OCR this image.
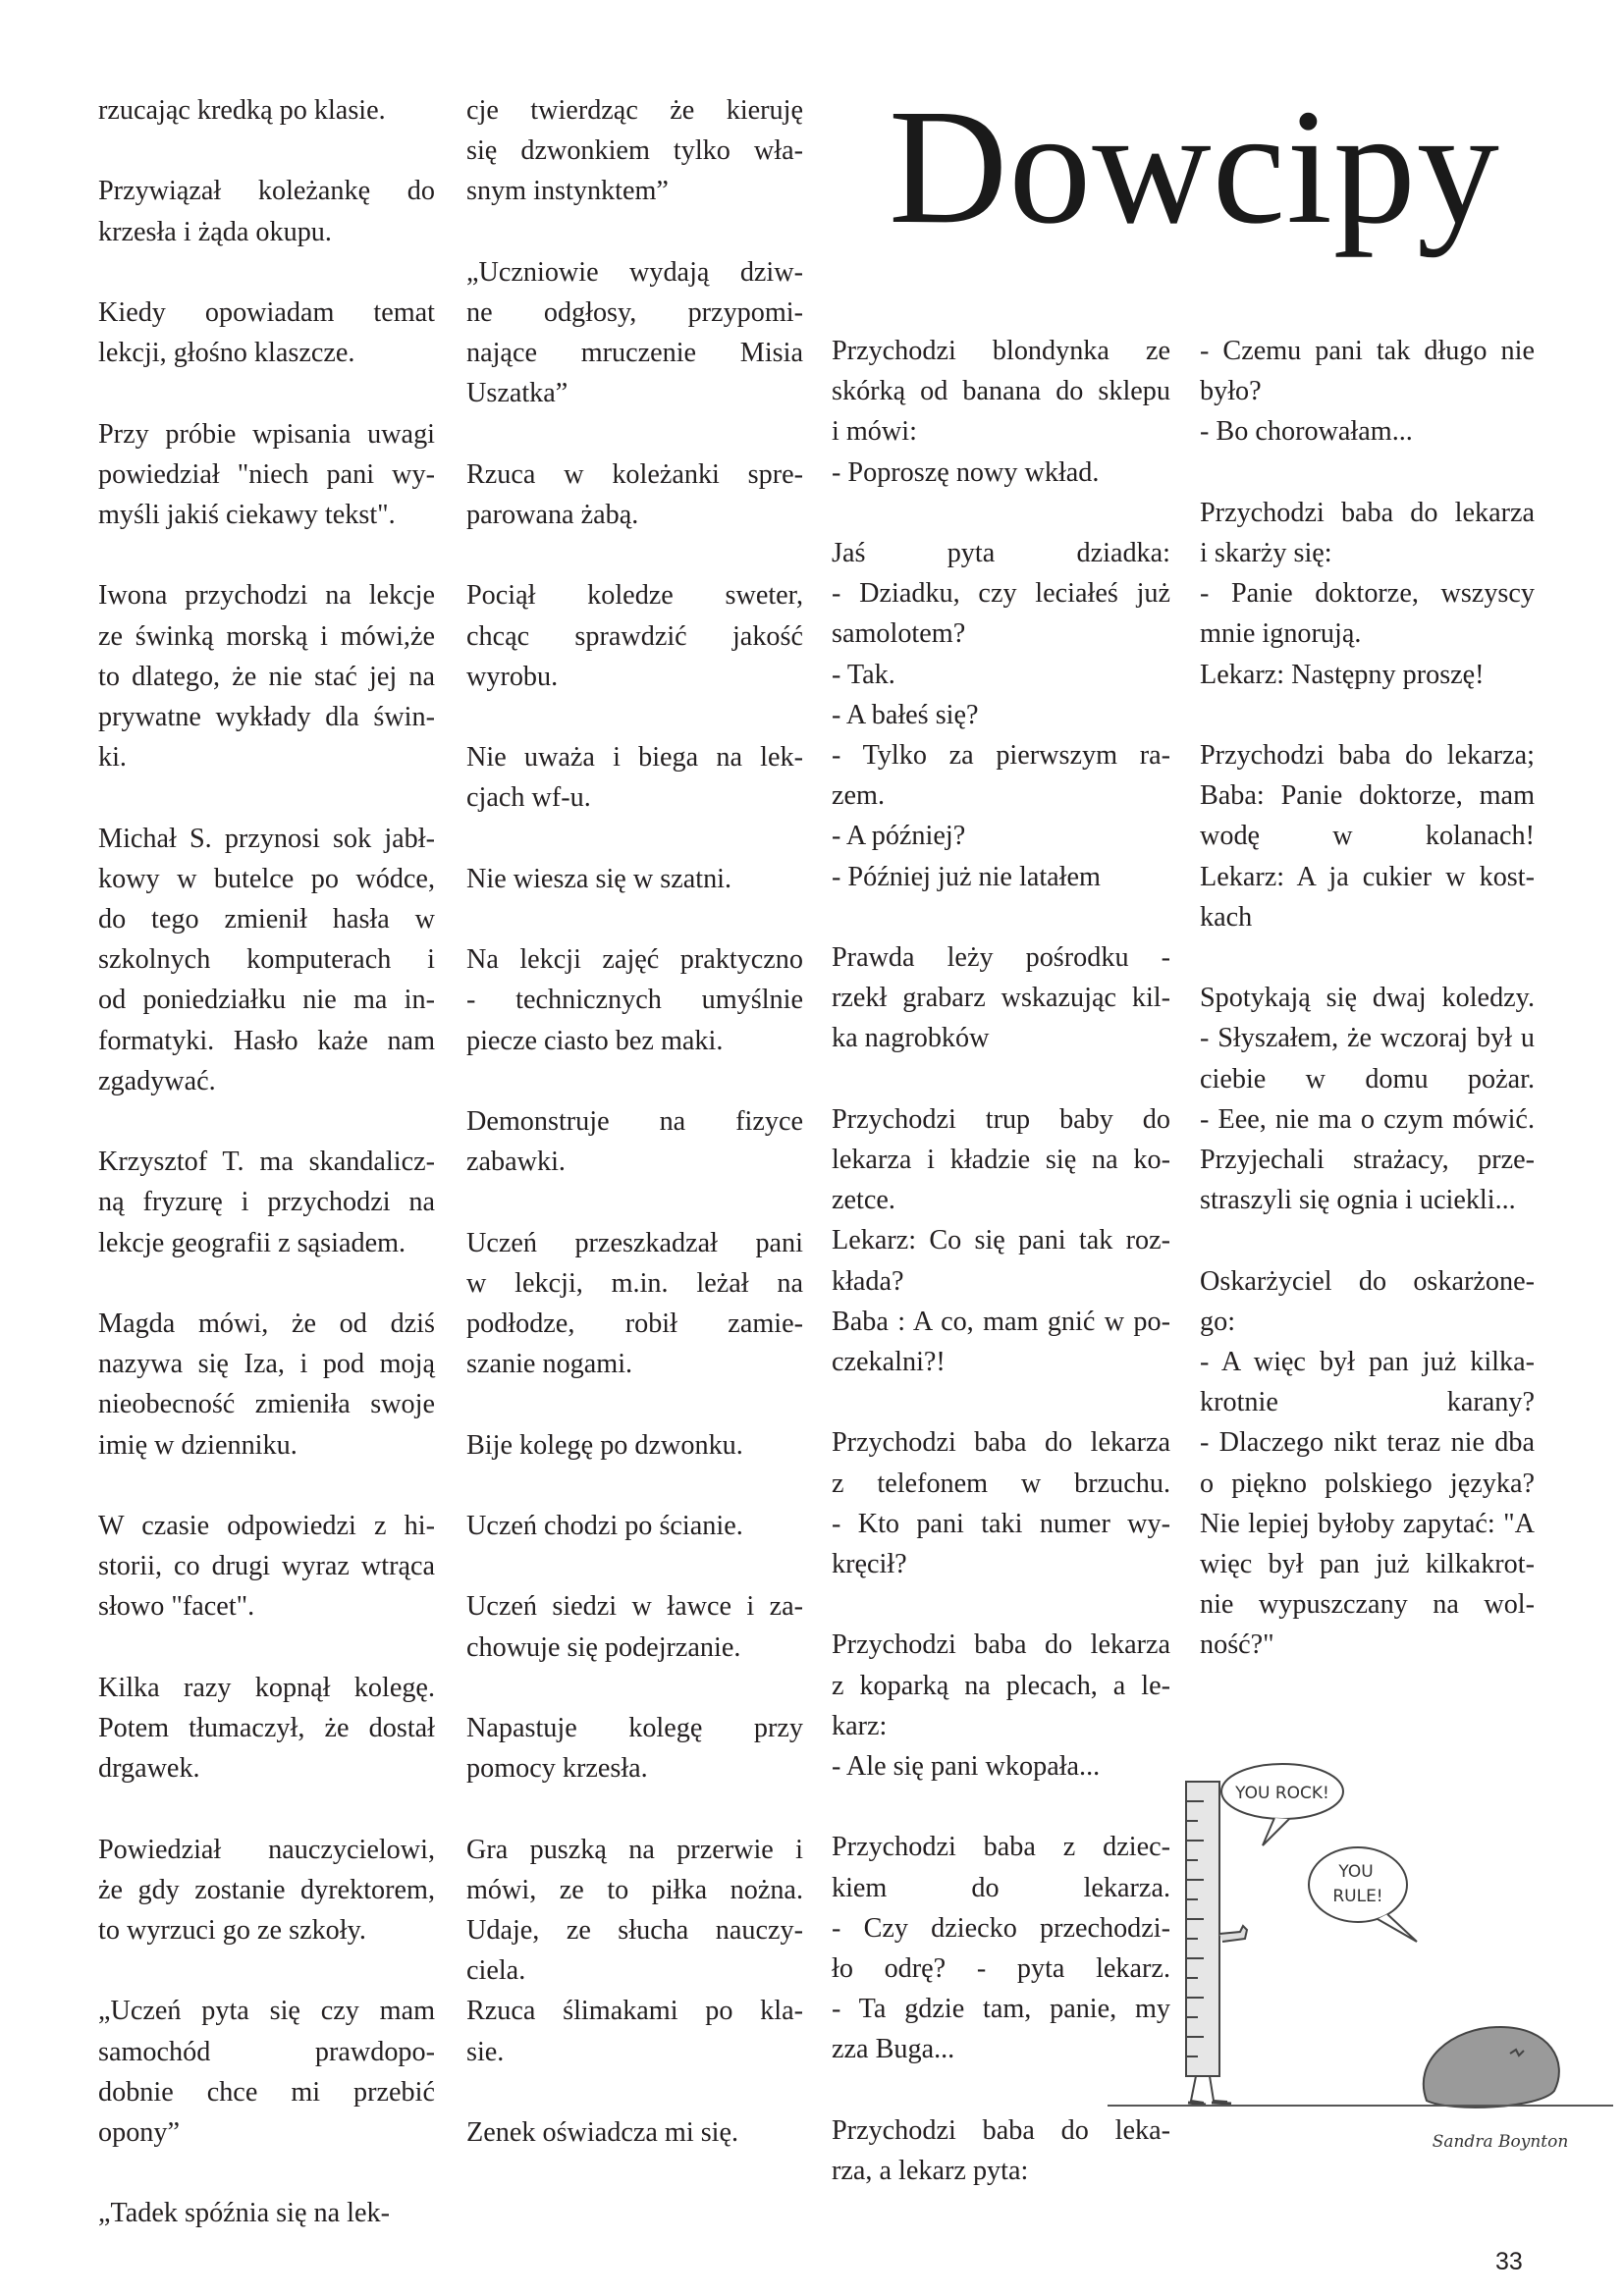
rzucając kredką po klasie.

Przywiązał koleżankę do
krzesła i żąda okupu.

Kiedy opowiadam temat
lekcji, głośno klaszcze.

Przy próbie wpisania uwagi
powiedział "niech pani wy-
myśli jakiś ciekawy tekst".

Iwona przychodzi na lekcje
ze świnką morską i mówi,że
to dlatego, że nie stać jej na
prywatne wykłady dla świn-
ki.

Michał S. przynosi sok jabł-
kowy w butelce po wódce,
do tego zmienił hasła w
szkolnych komputerach i
od poniedziałku nie ma in-
formatyki. Hasło każe nam
zgadywać.

Krzysztof T. ma skandalicz-
ną fryzurę i przychodzi na
lekcje geografii z sąsiadem.

Magda mówi, że od dziś
nazywa się Iza, i pod moją
nieobecność zmieniła swoje
imię w dzienniku.

W czasie odpowiedzi z hi-
storii, co drugi wyraz wtrąca
słowo "facet".

Kilka razy kopnął kolegę.
Potem tłumaczył, że dostał
drgawek.

Powiedział nauczycielowi,
że gdy zostanie dyrektorem,
to wyrzuci go ze szkoły.

„Uczeń pyta się czy mam
samochód prawdopo-
dobnie chce mi przebić
opony”

„Tadek spóźnia się na lek-

cje twierdząc że kieruję
się dzwonkiem tylko wła-
snym instynktem”

„Uczniowie wydają dziw-
ne odgłosy, przypomi-
nające mruczenie Misia
Uszatka”

Rzuca w koleżanki spre-
parowana żabą.

Pociął koledze sweter,
chcąc sprawdzić jakość
wyrobu.

Nie uważa i biega na lek-
cjach wf-u.

Nie wiesza się w szatni.

Na lekcji zajęć praktyczno
- technicznych umyślnie
piecze ciasto bez maki.

Demonstruje na fizyce
zabawki.

Uczeń przeszkadzał pani
w lekcji, m.in. leżał na
podłodze, robił zamie-
szanie nogami.

Bije kolegę po dzwonku.

Uczeń chodzi po ścianie.

Uczeń siedzi w ławce i za-
chowuje się podejrzanie.

Napastuje kolegę przy
pomocy krzesła.

Gra puszką na przerwie i
mówi, ze to piłka nożna.
Udaje, ze słucha nauczy-
ciela.
Rzuca ślimakami po kla-
sie.

Zenek oświadcza mi się.

Dowcipy

Przychodzi blondynka ze
skórką od banana do sklepu
i mówi:
- Poproszę nowy wkład.

Jaś pyta dziadka:
- Dziadku, czy leciałeś już
samolotem?
- Tak.
- A bałeś się?
- Tylko za pierwszym ra-
zem.
- A później?
- Później już nie latałem

Prawda leży pośrodku -
rzekł grabarz wskazując kil-
ka nagrobków

Przychodzi trup baby do
lekarza i kładzie się na ko-
zetce.
Lekarz: Co się pani tak roz-
kłada?
Baba : A co, mam gnić w po-
czekalni?!

Przychodzi baba do lekarza
z telefonem w brzuchu.
- Kto pani taki numer wy-
kręcił?

Przychodzi baba do lekarza
z koparką na plecach, a le-
karz:
- Ale się pani wkopała...

Przychodzi baba z dziec-
kiem do lekarza.
- Czy dziecko przechodzi-
ło odrę? - pyta lekarz.
- Ta gdzie tam, panie, my
zza Buga...

Przychodzi baba do leka-
rza, a lekarz pyta:

- Czemu pani tak długo nie
było?
- Bo chorowałam...

Przychodzi baba do lekarza
i skarży się:
- Panie doktorze, wszyscy
mnie ignorują.
Lekarz: Następny proszę!

Przychodzi baba do lekarza;
Baba: Panie doktorze, mam
wodę w kolanach!
Lekarz: A ja cukier w kost-
kach

Spotykają się dwaj koledzy.
- Słyszałem, że wczoraj był u
ciebie w domu pożar.
- Eee, nie ma o czym mówić.
Przyjechali strażacy, prze-
straszyli się ognia i uciekli...

Oskarżyciel do oskarżone-
go:
- A więc był pan już kilka-
krotnie karany?
- Dlaczego nikt teraz nie dba
o piękno polskiego języka?
Nie lepiej byłoby zapytać: "A
więc był pan już kilkakrot-
nie wypuszczany na wol-
ność?"

YOU ROCK!
YOU
RULE!
Sandra Boynton
33
